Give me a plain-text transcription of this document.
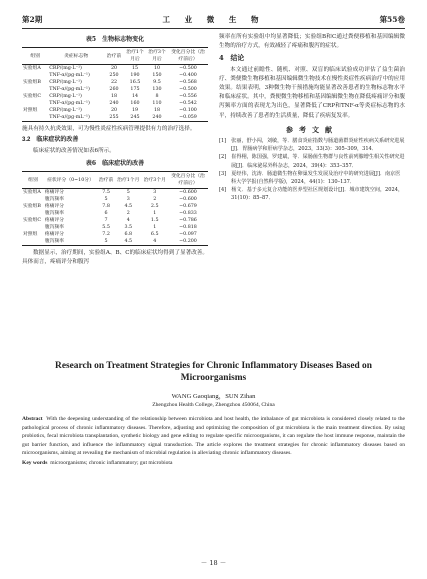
第2期	工 业 微 生 物	第55卷
表5　生物标志物变化
组别	炎症标志物	治疗前	治疗1个月后	治疗3个月后	变化百分比（治疗前后）
实验组A	CRP/(mg·L⁻¹)	20	15	10	−0.500
	TNF-α/(pg·mL⁻¹)	250	190	150	−0.400
实验组B	CRP/(mg·L⁻¹)	22	16.5	9.5	−0.568
	TNF-α/(pg·mL⁻¹)	260	175	130	−0.500
实验组C	CRP/(mg·L⁻¹)	18	14	8	−0.556
	TNF-α/(pg·mL⁻¹)	240	160	110	−0.542
对照组	CRP/(mg·L⁻¹)	20	19	18	−0.100
	TNF-α/(pg·mL⁻¹)	255	245	240	−0.059

施具有持久抗炎效果，可为慢性炎症性疾病管理提供有力的治疗选择。

3.2　临床症状的改善

临床症状的改善情况如表6所示。

表6　临床症状的改善
组别	症状评分（0~10分）	治疗前	治疗1个月	治疗3个月	变化百分比（治疗前后）
实验组A	疼痛评分	7.5	5	3	−0.600
	腹泻频率	5	3	2	−0.600
实验组B	疼痛评分	7.8	4.5	2.5	−0.679
	腹泻频率	6	2	1	−0.833
实验组C	疼痛评分	7	4	1.5	−0.786
	腹泻频率	5.5	3.5	1	−0.818
对照组	疼痛评分	7.2	6.8	6.5	−0.097
	腹泻频率	5	4.5	4	−0.200

数据显示，治疗期间，实验组A、B、C的临床症状均得到了显著改善。具体而言，疼痛评分和腹泻

频率在所有实验组中均显著降低；实验组B和C通过粪便移植和基因编辑微生物的治疗方式，有效减轻了疼痛和腹泻的症状。

4　结论

本文通过前瞻性、随机、对照、双盲的临床试验成功评估了益生菌治疗、粪便微生物移植和基因编辑微生物技术在慢性炎症性疾病治疗中的应用效果。结果表明，3种微生物干预措施均能显著改善患者的生物标志物水平和临床症状。其中，粪便微生物移植和基因编辑微生物在降低疼痛评分和腹泻频率方面的表现尤为出色，显著降低了CRP和TNF-α等炎症标志物的水平，持续改善了患者的生活质量，降低了疾病复发率。

参考文献
[1]　张丽，舒小闯，刘敏，等．膳食炎症指数与肠道菌群炎症性疾病关系研究进展[J]．胃肠病学和肝病学杂志，2023，33(3)：305–309，314．
[2]　崔得栩，陈国强，罗建斌，等．屎肠菌生物群与良性前列腺增生相关性研究进展[J]．临床泌尿外科杂志，2024，39(4)：353–357．
[3]　夏经伟，沈涛．肠道微生物在卵巢发生发展及治疗中的研究进展[J]．南京医科大学学报(自然科学版)，2024，44(1)：130–137．
[4]　杨文．基于多元复合功能的医养型社区规划设计[J]．城市建筑空间，2024，31(10)：85–87．
Research on Treatment Strategies for Chronic Inflammatory Diseases Based on
Microorganisms
WANG Gaoqiang，SUN Zihan
Zhengzhou Health College, Zhengzhou 450064, China
Abstract With the deepening understanding of the relationship between microbiota and host health, the imbalance of gut microbiota is considered closely related to the pathological process of chronic inflammatory diseases. Therefore, adjusting and optimizing the composition of gut microbiota is the main treatment direction. By using probiotics, fecal microbiota transplantation, synthetic biology and gene editing to regulate specific microorganisms, it can regulate the host immune response, maintain the gut barrier function, and influence the inflammatory signal transduction. The article explores the treatment strategies for chronic inflammatory diseases based on microorganisms, aiming at revealing the mechanism of microbial regulation in alleviating chronic inflammatory diseases.
Key words microorganisms; chronic inflammatory; gut microbiota
－ 18 －
